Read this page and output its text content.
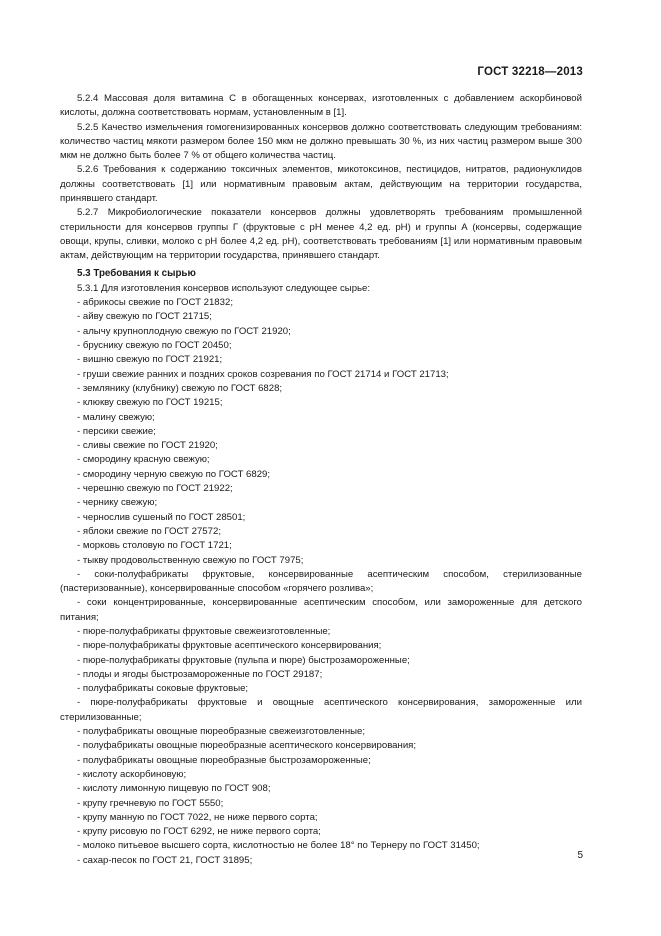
ГОСТ 32218—2013

5.2.4 Массовая доля витамина С в обогащенных консервах, изготовленных с добавлением аскорбиновой кислоты, должна соответствовать нормам, установленным в [1].

5.2.5 Качество измельчения гомогенизированных консервов должно соответствовать следующим требованиям: количество частиц мякоти размером более 150 мкм не должно превышать 30 %, из них частиц размером выше 300 мкм не должно быть более 7 % от общего количества частиц.

5.2.6 Требования к содержанию токсичных элементов, микотоксинов, пестицидов, нитратов, радионуклидов должны соответствовать [1] или нормативным правовым актам, действующим на территории государства, принявшего стандарт.

5.2.7 Микробиологические показатели консервов должны удовлетворять требованиям промышленной стерильности для консервов группы Г (фруктовые с рН менее 4,2 ед. рН) и группы А (консервы, содержащие овощи, крупы, сливки, молоко с рН более 4,2 ед. рН), соответствовать требованиям [1] или нормативным правовым актам, действующим на территории государства, принявшего стандарт.

5.3 Требования к сырью

5.3.1 Для изготовления консервов используют следующее сырье:

- абрикосы свежие по ГОСТ 21832;
- айву свежую по ГОСТ 21715;
- алычу крупноплодную свежую по ГОСТ 21920;
- бруснику свежую по ГОСТ 20450;
- вишню свежую по ГОСТ 21921;
- груши свежие ранних и поздних сроков созревания по ГОСТ 21714 и ГОСТ 21713;
- землянику (клубнику) свежую по ГОСТ 6828;
- клюкву свежую по ГОСТ 19215;
- малину свежую;
- персики свежие;
- сливы свежие по ГОСТ 21920;
- смородину красную свежую;
- смородину черную свежую по ГОСТ 6829;
- черешню свежую по ГОСТ 21922;
- чернику свежую;
- чернослив сушеный по ГОСТ 28501;
- яблоки свежие по ГОСТ 27572;
- морковь столовую по ГОСТ 1721;
- тыкву продовольственную свежую по ГОСТ 7975;
- соки-полуфабрикаты фруктовые, консервированные асептическим способом, стерилизованные (пастеризованные), консервированные способом «горячего розлива»;
- соки концентрированные, консервированные асептическим способом, или замороженные для детского питания;
- пюре-полуфабрикаты фруктовые свежеизготовленные;
- пюре-полуфабрикаты фруктовые асептического консервирования;
- пюре-полуфабрикаты фруктовые (пульпа и пюре) быстрозамороженные;
- плоды и ягоды быстрозамороженные по ГОСТ 29187;
- полуфабрикаты соковые фруктовые;
- пюре-полуфабрикаты фруктовые и овощные асептического консервирования, замороженные или стерилизованные;
- полуфабрикаты овощные пюреобразные свежеизготовленные;
- полуфабрикаты овощные пюреобразные асептического консервирования;
- полуфабрикаты овощные пюреобразные быстрозамороженные;
- кислоту аскорбиновую;
- кислоту лимонную пищевую по ГОСТ 908;
- крупу гречневую по ГОСТ 5550;
- крупу манную по ГОСТ 7022, не ниже первого сорта;
- крупу рисовую по ГОСТ 6292, не ниже первого сорта;
- молоко питьевое высшего сорта, кислотностью не более 18° по Тернеру по ГОСТ 31450;
- сахар-песок по ГОСТ 21, ГОСТ 31895;	5
